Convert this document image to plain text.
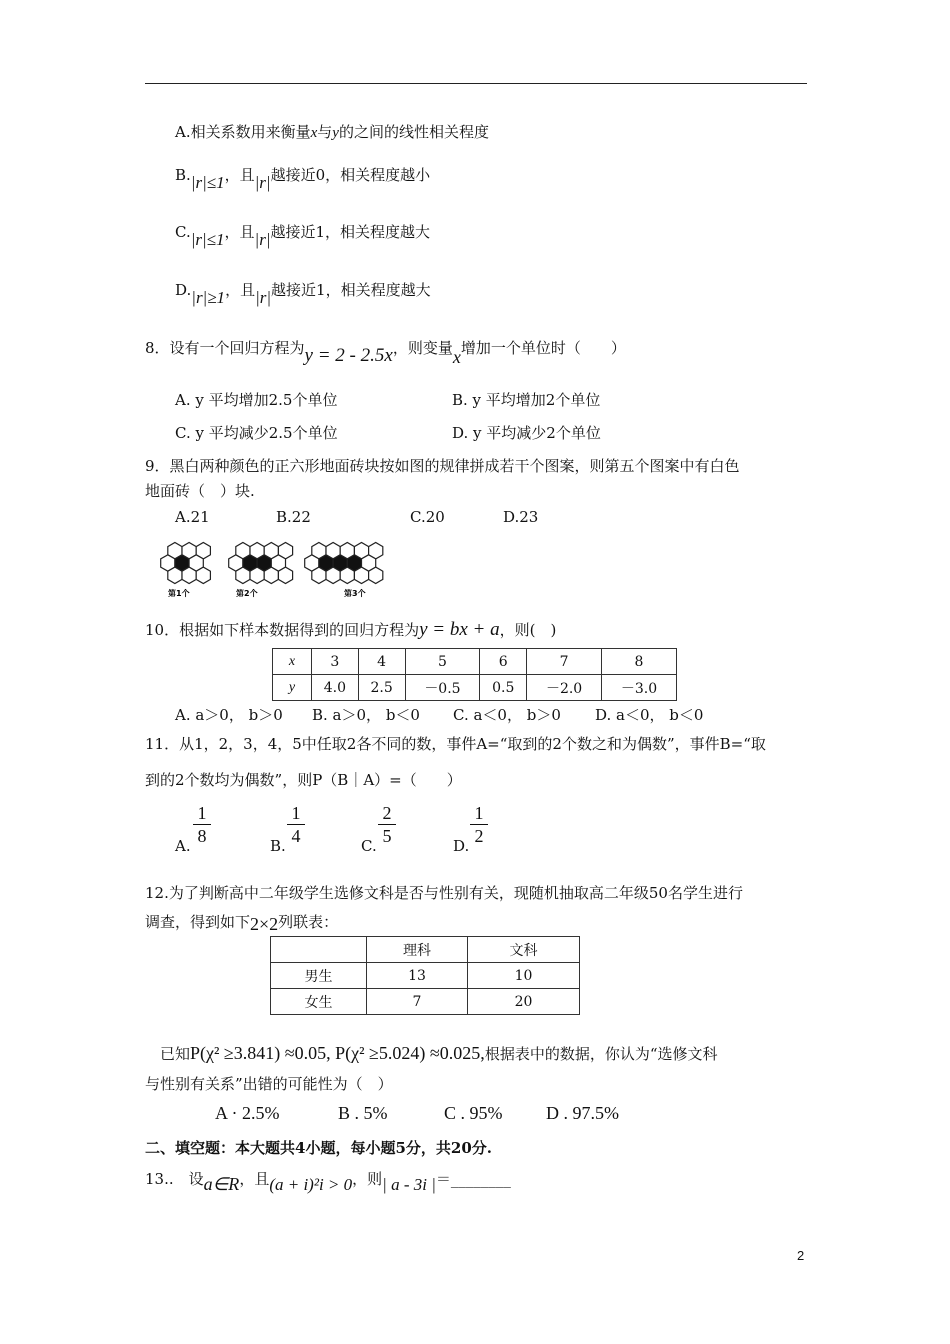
A.相关系数用来衡量x与y的之间的线性相关程度
B.|r|≤1，且|r|越接近0，相关程度越小
C.|r|≤1，且|r|越接近1，相关程度越大
D.|r|≥1，且|r|越接近1，相关程度越大
8．设有一个回归方程为y = 2 - 2.5x，则变量x增加一个单位时（　　）
A. y 平均增加2.5个单位	B. y 平均增加2个单位
C. y 平均减少2.5个单位	D. y 平均减少2个单位
9．黑白两种颜色的正六形地面砖块按如图的规律拼成若干个图案，则第五个图案中有白色
地面砖（　）块.
A.21	B.22	C.20	D.23
第1个	第2个	第3个
10．根据如下样本数据得到的回归方程为y = bx + a，则(　)
x	3	4	5	6	7	8
y	4.0	2.5	－0.5	0.5	－2.0	－3.0
A. a＞0， b＞0 B. a＞0， b＜0 C. a＜0， b＞0 D. a＜0， b＜0
11．从1，2，3，4，5中任取2各不同的数，事件A=“取到的2个数之和为偶数”，事件B=“取
到的2个数均为偶数”，则P（B｜A）=（　　）
A.
1
8	B.
1
4	C.
2
5	D.
1
2
12.为了判断高中二年级学生选修文科是否与性别有关，现随机抽取高二年级50名学生进行
调查，得到如下2×2列联表：
	理科	文科
男生	13	10
女生	7	20
已知P(χ² ≥3.841) ≈0.05, P(χ² ≥5.024) ≈0.025,根据表中的数据，你认为“选修文科
与性别有关系”出错的可能性为（　）
A · 2.5%	B . 5%	C . 95% D . 97.5%
二、填空题：本大题共4小题，每小题5分，共20分.
13..　设a∈R，且(a + i)²i > 0，则| a - 3i |＝________
2
